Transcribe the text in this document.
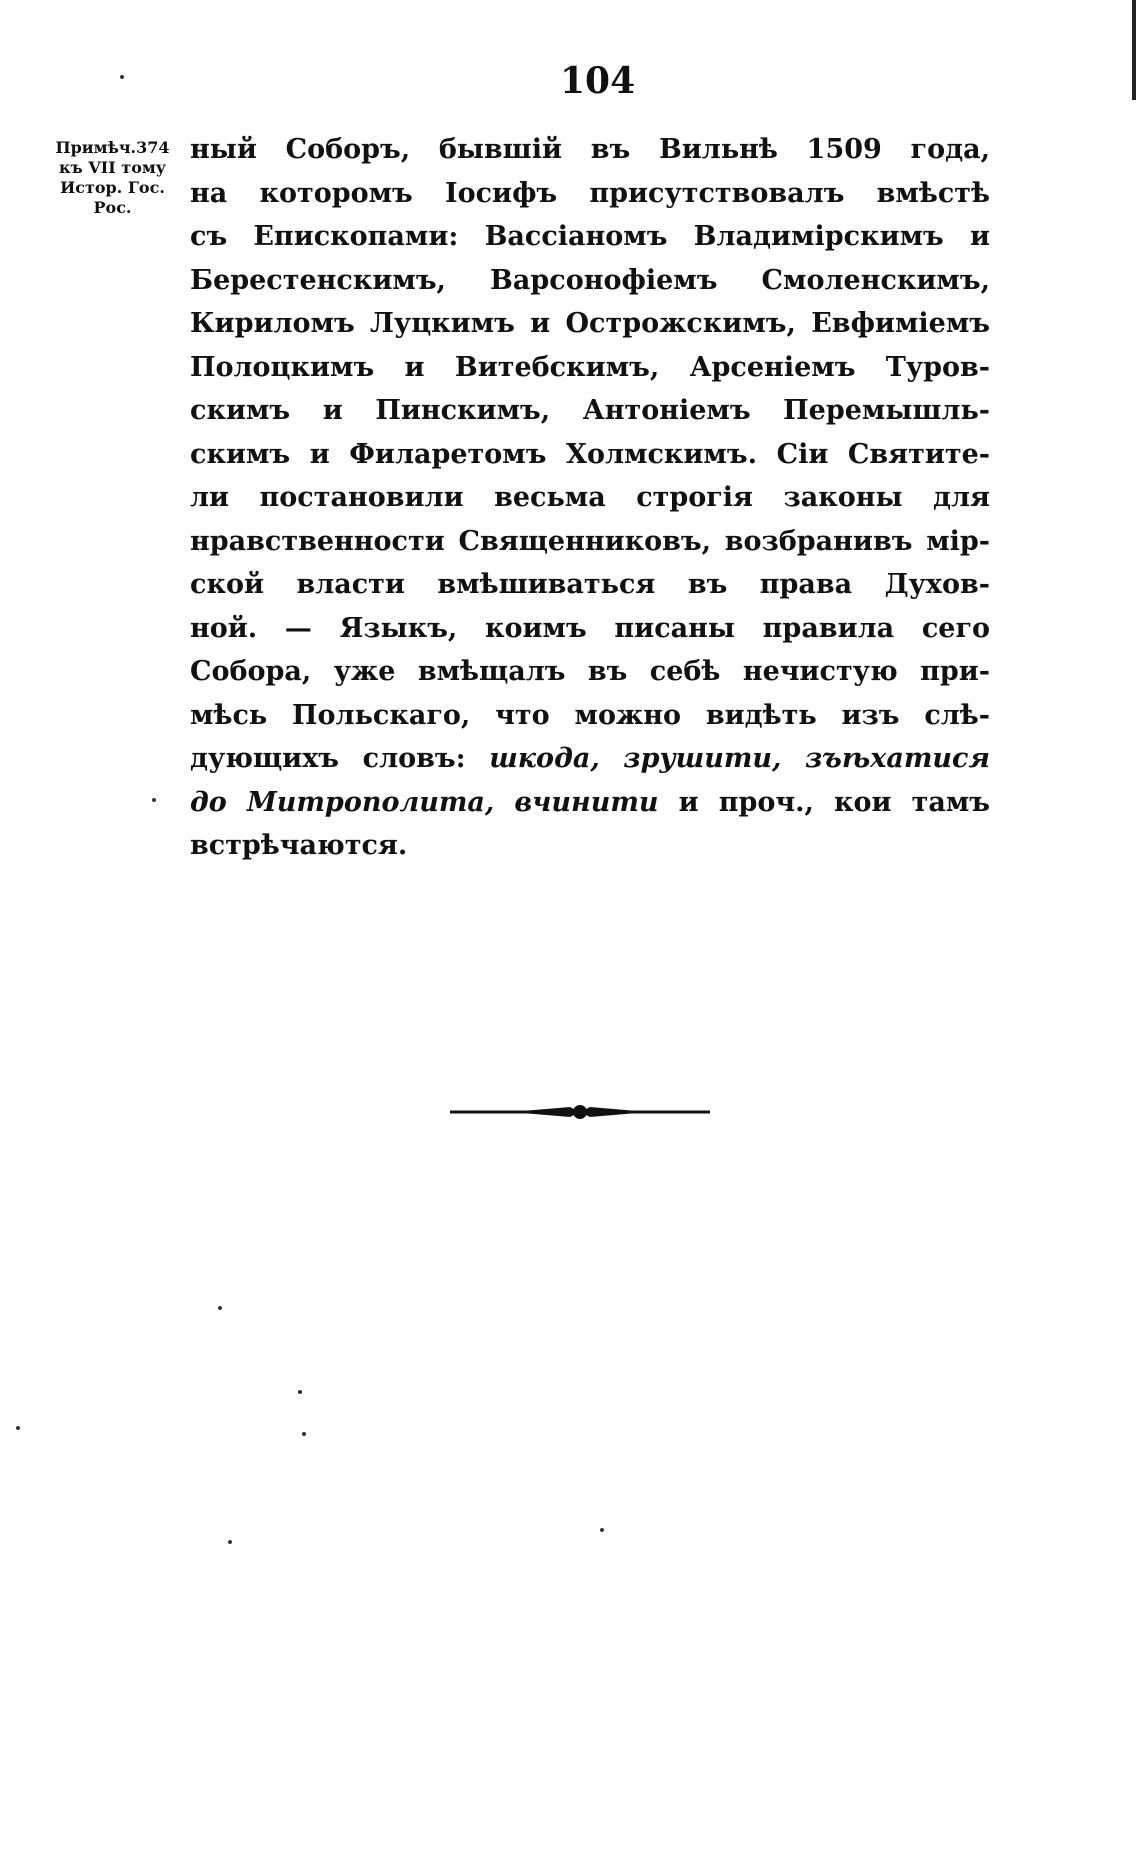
104
Примѣч.374
къ VII тому
Истор. Гос.
Рос.
ный Соборъ, бывшій въ Вильнѣ 1509 года,
на которомъ Іосифъ присутствовалъ вмѣстѣ
съ Епископами: Вассіаномъ Владимірскимъ и
Берестенскимъ, Варсонофіемъ Смоленскимъ,
Кириломъ Луцкимъ и Острожскимъ, Евфиміемъ
Полоцкимъ и Витебскимъ, Арсеніемъ Туров-
скимъ и Пинскимъ, Антоніемъ Перемышль-
скимъ и Филаретомъ Холмскимъ. Сіи Святите-
ли постановили весьма строгія законы для
нравственности Священниковъ, возбранивъ мір-
ской власти вмѣшиваться въ права Духов-
ной. — Языкъ, коимъ писаны правила сего
Собора, уже вмѣщалъ въ себѣ нечистую при-
мѣсь Польскаго, что можно видѣть изъ слѣ-
дующихъ словъ: шкода, зрушити, зъѣхатися
до Митрополита, вчинити и проч., кои тамъ
встрѣчаются.
